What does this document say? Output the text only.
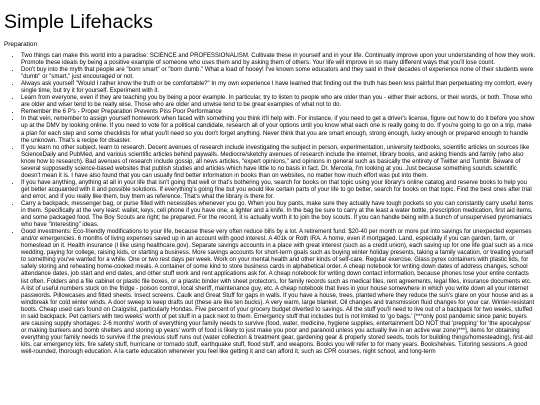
Simple Lifehacks
Preparation
• Two things can make this world into a paradise: SCIENCE and PROFESSIONALISM. Cultivate these in yourself and in your life. Continually improve upon your understanding of how they work. Promote these ideals by being a positive example of someone who uses them and by asking them of others. Your life will improve in so many different ways that you'll lose count.
• Don't buy into the myth that people are "born smart" or "born dumb." What a load of hooey! I've known some educators and they said in their decades of experience none of their students were "dumb" or "smart," just encouraged or not.
• Always ask yourself "Would I rather know the truth or be comfortable?" In my own experience I have learned that finding out the truth has been less painful than perpetuating my comfort, every single time, but try it for yourself. Experiment with it.
• Learn from everyone, even if they are teaching you by being a poor example. In particular, try to listen to people who are older than you - either their actions, or their words, or both. Those who are older and wiser tend to be really wise. Those who are older and unwise tend to be great examples of what not to do.
• Remember the 6 P's - Proper Preparation Prevents Piss Poor Performance
• In that vein, remember to assign yourself homework when faced with something you think it'll help with. For instance, if you need to get a driver's license, figure out how to do it before you show up at the DMV by looking online. If you need to vote for a political candidate, research all of your options until you know what each one is really going to do. If you're going to go on a trip, make a plan for each step and some checklists for what you'll need so you don't forget anything. Never think that you are smart enough, strong enough, lucky enough or prepared enough to handle the unknown. That's a recipe for disaster.
• If you learn no other subject, learn to research. Decent avenues of research include investigating the subject in person, experimentation, university textbooks, scientific articles on sources like ScienceDaily and PubMed, and various scientific articles behind paywalls. Mediocre/sketchy avenues of research include the internet, library books, and asking friends and family (who also know how to research). Bad avenues of research include gossip, all news articles, "expert opinions," and opinions in general such as basically the entirety of Twitter and Tumblr. Beware of several supposedly science-based websites that publish studies and articles which have little to no basis in fact. Dr. Mercola, I'm looking at you. Just because something sounds scientific doesn't mean it is. I have also found that you can usually find better information in books than on websites, no matter how much effort was put into them.
• If you have anything, anything at all in your life that isn't going that well or that's bothering you, search for books on that topic using your library's online catalog and reserve books to help you get better acquainted with it and possible solutions. If everything's going fine but you would like certain parts of your life to go better, search for books on that topic. Find the best ones after trial and error, and if you really like them, buy them as reference. That's what the library is there for.
• Carry a backpack, messenger bag, or purse filled with necessities whenever you go. When you buy pants, make sure they actually have tough pockets so you can constantly carry useful items in them. Specifically at the very least: wallet, keys, cell phone if you have one, a lighter and a knife. In the bag be sure to carry at the least a water bottle, prescription medication, first aid items, and some packaged food. The Boy Scouts are right; be prepared. For the record, it is actually worth it to join the boy scouts. If you can handle being with a bunch of unsupervised pyromaniacs who have "interesting" ideas.
• Good investments: Eco-friendly modifications to your life, because these very often reduce bills by a lot. A retirement fund. $20-40 per month or more put into savings for unexpected expenses and/or emergencies. 6 months of living expenses saved up in an account with good interest. A 401k or Roth IRA. A home, even if mortgaged. Land, especially if you can garden, farm, or homestead on it. Health insurance (I like using healthcare.gov). Separate savings accounts in a place with great interest (such as a credit union), each saving up for one life goal such as a nice wedding, paying for college, raising kids, or starting a business. More savings accounts for short-term goals such as buying winter holiday presents, taking a family vacation, or treating yourself to something you've wanted for a while. One or two rest days per week. Work on your mental health and other kinds of self-care. Regular exercise. Glass pyrex containers with plastic lids, for safely storing and reheating home-cooked meals. A container of some kind to store business cards in alphabetical order. A cheap notebook for writing down dates of address changes, school attendance dates, job start and end dates, and other stuff work and rent applications ask for. A cheap notebook for writing down contact information, because phones lose your entire contacts list often. Folders and a file cabinet or plastic file boxes, or a plastic binder with sheet protectors, for family records such as medical files, rent agreements, legal files, insurance documents etc. A list of useful numbers stuck on the fridge - poison control, local sheriff, maintenance guy, etc. A cheap notebook that lives in your house somewhere in which you write down all your internet passwords. Pillowcases and fitted sheets. Insect screens. Caulk and Great Stuff for gaps in walls. If you have a house, trees, planted where they reduce the sun's glare on your house and as a windbreak for cold winter winds. A door sweep to keep drafts out (these are like ten bucks). A very warm, large blanket. Oil changes and transmission fluid changes for your car. Winter-resistant boots. Cheap used cars found on Craigslist, particularly Hondas. Five percent of your grocery budget diverted to savings. All the stuff you'll need to live out of a backpack for two weeks, stuffed in said backpack. Pet carriers with two weeks' worth of pet stuff in a pack next to them. Emergency stuff that includes but is not limited to 'go bags.' [***only post pandemic since panic buyers are causing supply shortages: 2-6 months' worth of everything your family needs to survive (food, water, medicine, hygiene supplies, entertainment DO NOT that 'prepping' for 'the apocalypse' or making bunkers and bomb shelters and storing up years' worth of food is likely to just make you poor and paranoid unless you actually live in an active war zone)***], items for obtaining everything your family needs to survive if the previous stuff runs out (water collection & treatment gear, gardening gear & properly stored seeds, tools for building things/homesteading), first-aid kits, car emergency kits, fire safety stuff, hurricane or tornado stuff, earthquake stuff, flood stuff, and weapons. Books you will refer to for many years. Bookshelves. Tutoring sessions. A good well-rounded, thorough education. A la carte education whenever you feel like getting it and can afford it, such as CPR courses, night school, and long-term
